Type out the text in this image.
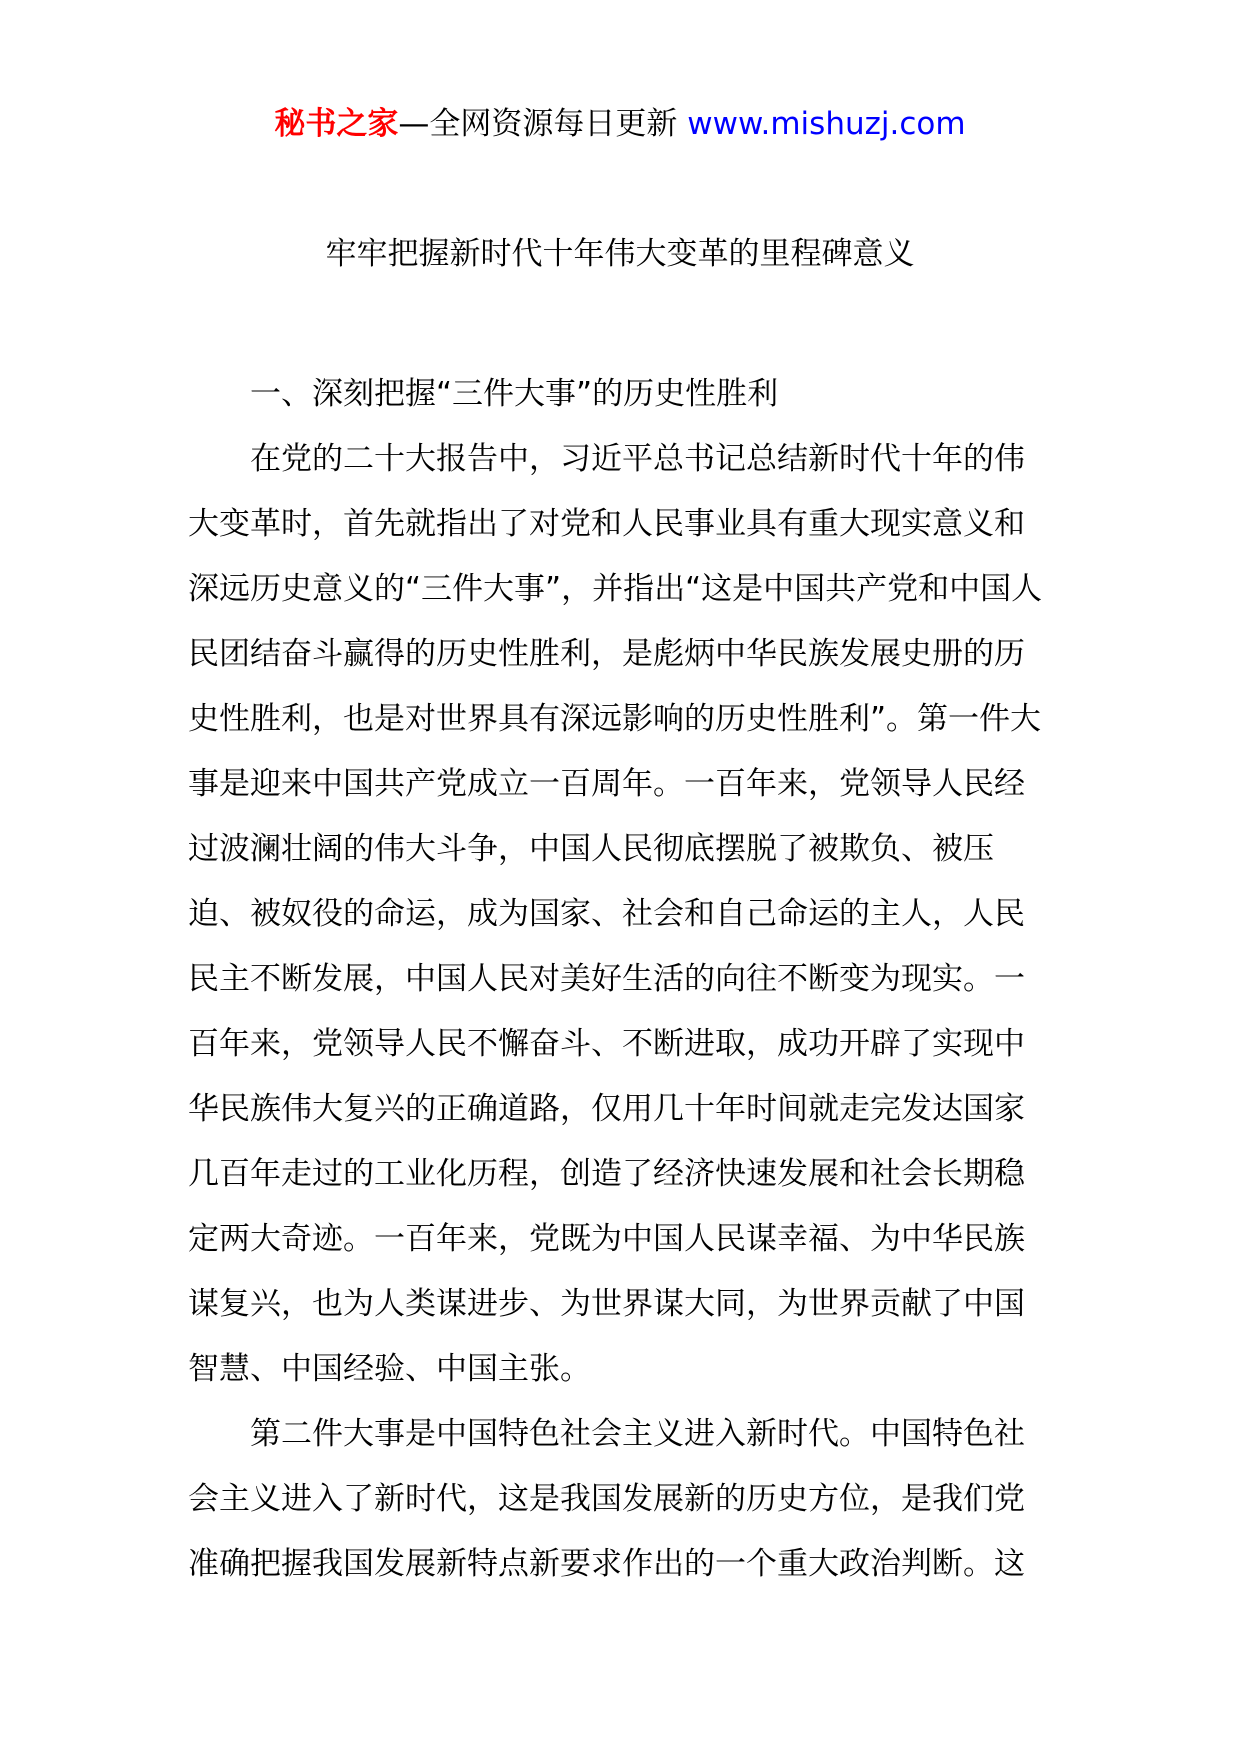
秘书之家—全网资源每日更新 www.mishuzj.com
牢牢把握新时代十年伟大变革的里程碑意义

一、深刻把握“三件大事”的历史性胜利

在党的二十大报告中，习近平总书记总结新时代十年的伟大变革时，首先就指出了对党和人民事业具有重大现实意义和深远历史意义的“三件大事”，并指出“这是中国共产党和中国人民团结奋斗赢得的历史性胜利，是彪炳中华民族发展史册的历史性胜利，也是对世界具有深远影响的历史性胜利”。第一件大事是迎来中国共产党成立一百周年。一百年来，党领导人民经过波澜壮阔的伟大斗争，中国人民彻底摆脱了被欺负、被压迫、被奴役的命运，成为国家、社会和自己命运的主人，人民民主不断发展，中国人民对美好生活的向往不断变为现实。一百年来，党领导人民不懈奋斗、不断进取，成功开辟了实现中华民族伟大复兴的正确道路，仅用几十年时间就走完发达国家几百年走过的工业化历程，创造了经济快速发展和社会长期稳定两大奇迹。一百年来，党既为中国人民谋幸福、为中华民族谋复兴，也为人类谋进步、为世界谋大同，为世界贡献了中国智慧、中国经验、中国主张。

第二件大事是中国特色社会主义进入新时代。中国特色社会主义进入了新时代，这是我国发展新的历史方位，是我们党准确把握我国发展新特点新要求作出的一个重大政治判断。这
